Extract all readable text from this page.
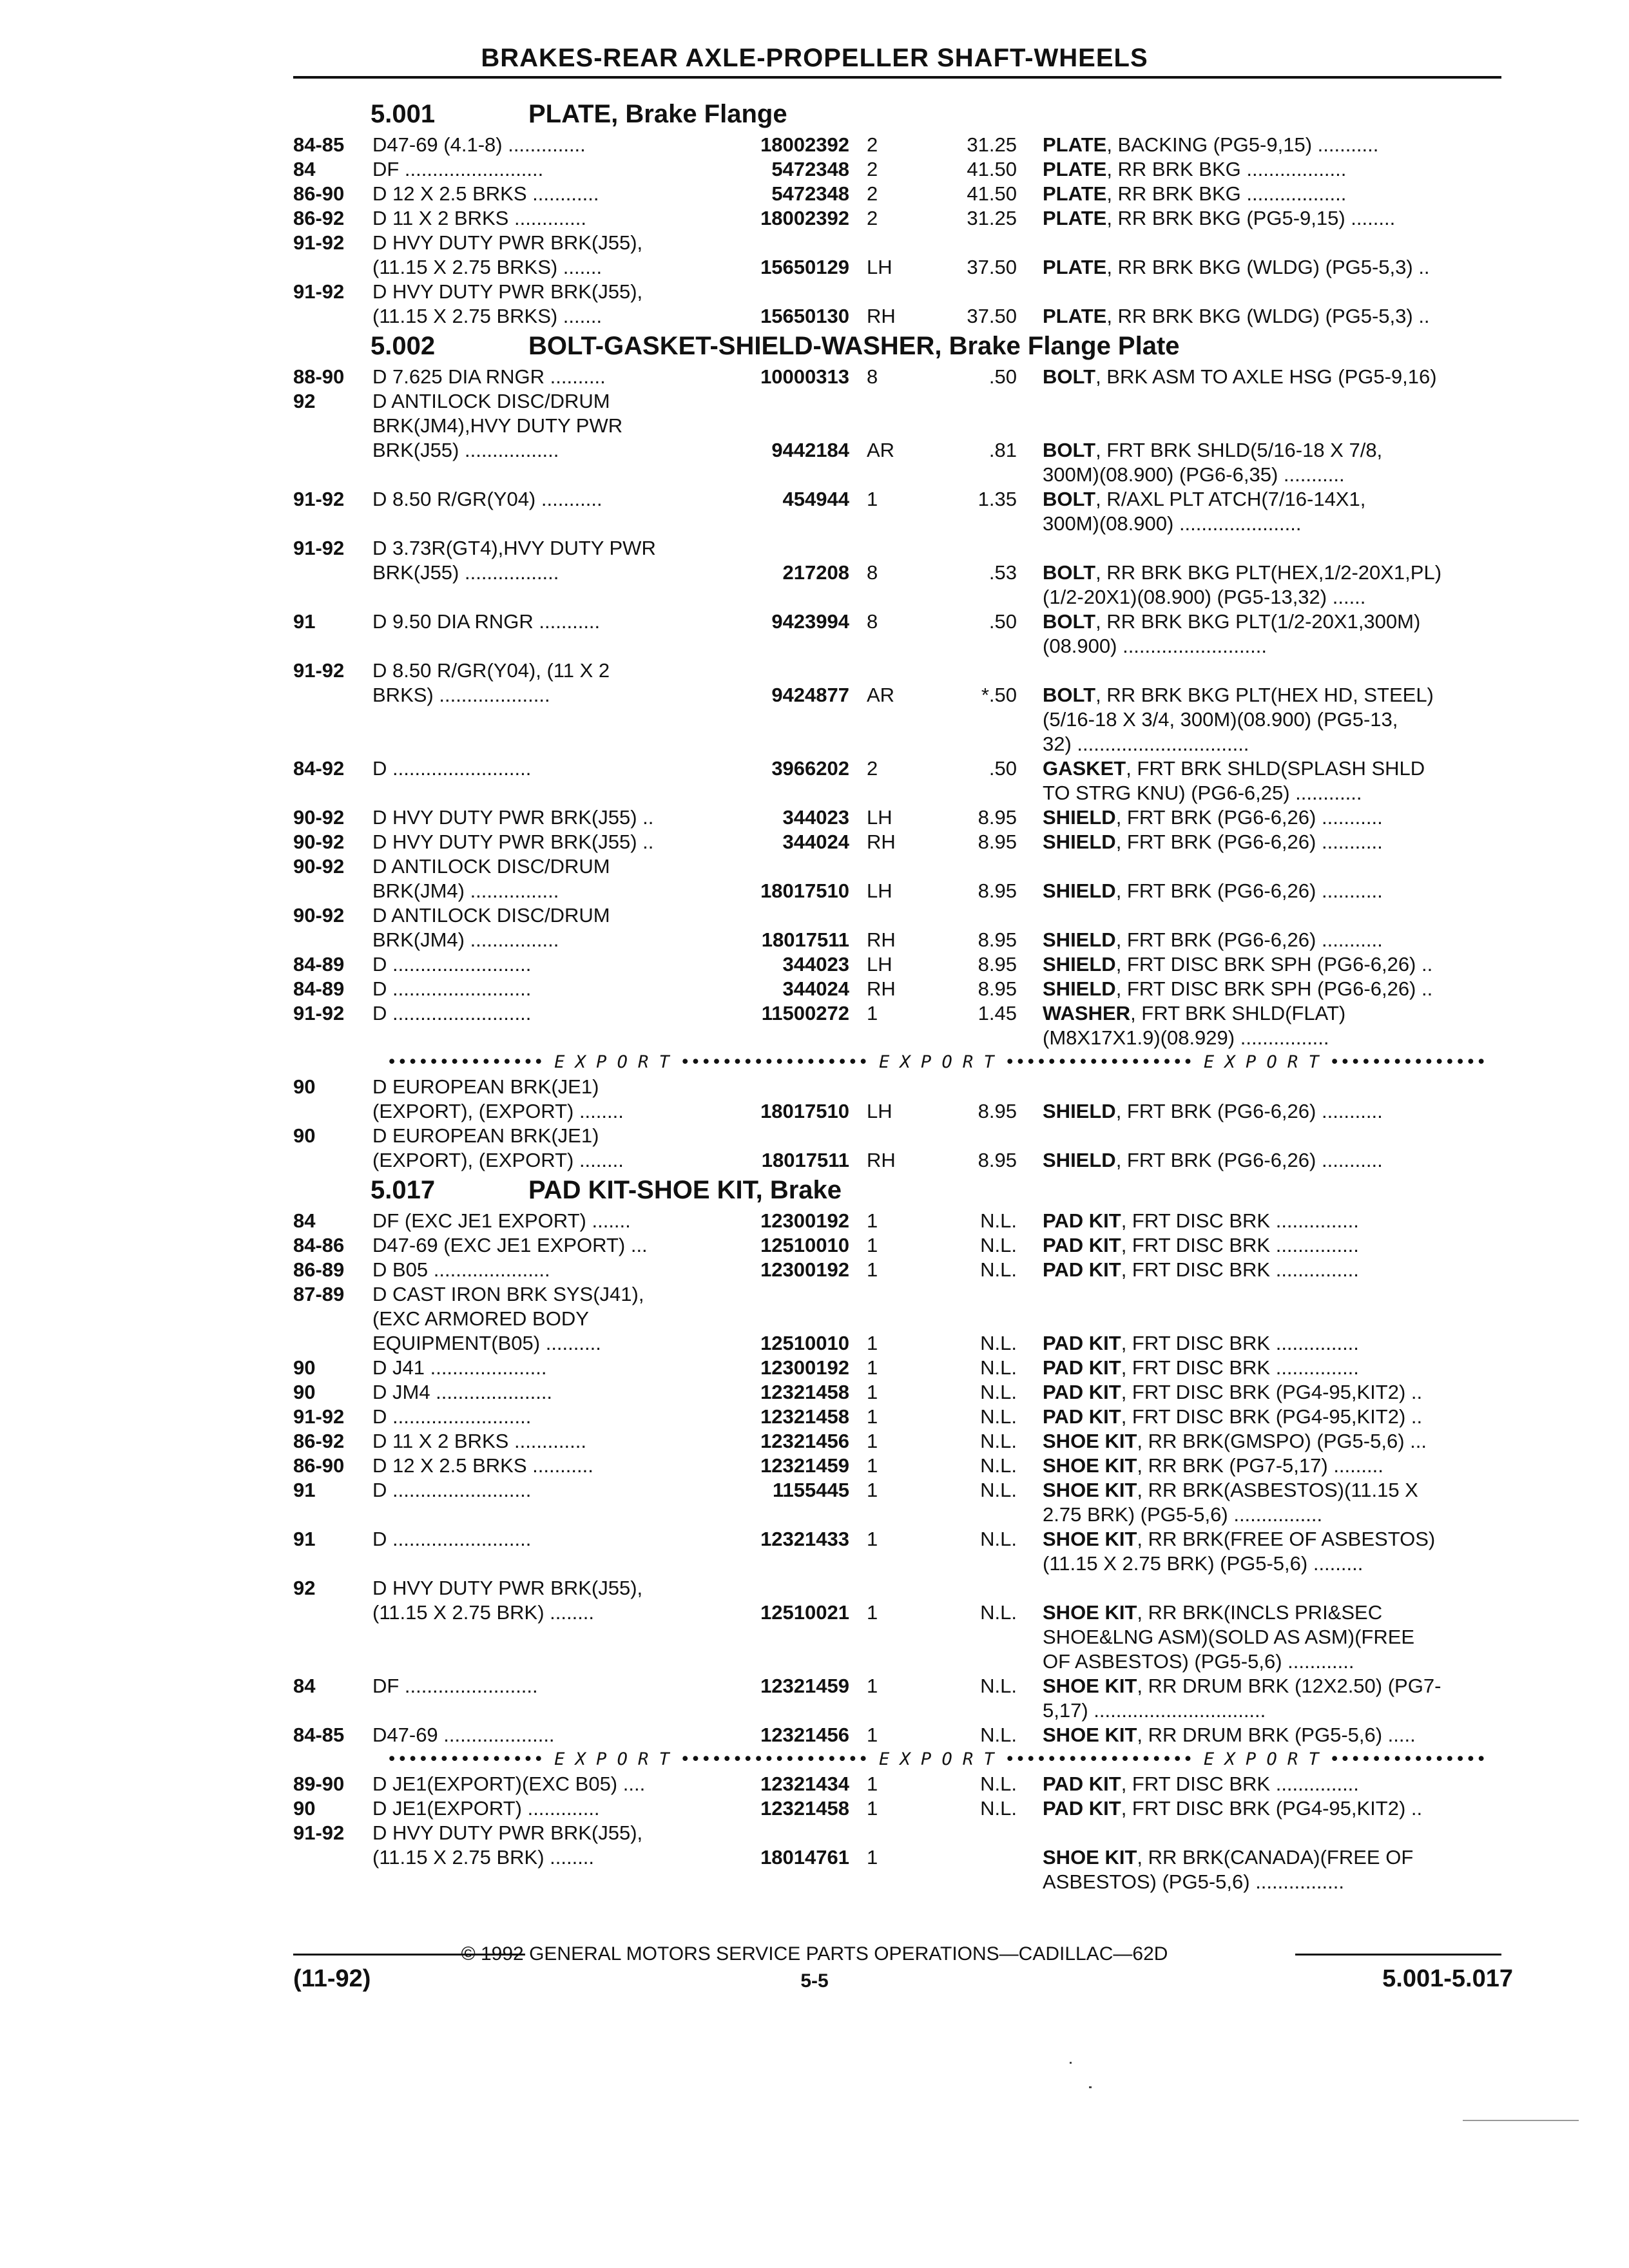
BRAKES-REAR AXLE-PROPELLER SHAFT-WHEELS
5.001	PLATE, Brake Flange
84-85 D47-69 (4.1-8) ..............	18002392 2	31.25 PLATE, BACKING (PG5-9,15) ...........
84	DF .........................	5472348 2	41.50 PLATE, RR BRK BKG ..................
86-90 D 12 X 2.5 BRKS ............	5472348 2	41.50 PLATE, RR BRK BKG ..................
86-92 D 11 X 2 BRKS .............	18002392 2	31.25 PLATE, RR BRK BKG (PG5-9,15) ........
91-92 D HVY DUTY PWR BRK(J55),
(11.15 X 2.75 BRKS) .......	15650129 LH	37.50 PLATE, RR BRK BKG (WLDG) (PG5-5,3) ..
91-92 D HVY DUTY PWR BRK(J55),
(11.15 X 2.75 BRKS) .......	15650130 RH	37.50 PLATE, RR BRK BKG (WLDG) (PG5-5,3) ..
5.002	BOLT-GASKET-SHIELD-WASHER, Brake Flange Plate
88-90 D 7.625 DIA RNGR ..........	10000313 8	.50 BOLT, BRK ASM TO AXLE HSG (PG5-9,16)
92	D ANTILOCK DISC/DRUM
BRK(JM4),HVY DUTY PWR
BRK(J55) .................	9442184 AR	.81 BOLT, FRT BRK SHLD(5/16-18 X 7/8,
300M)(08.900) (PG6-6,35) ...........
91-92 D 8.50 R/GR(Y04) ...........	454944 1	1.35 BOLT, R/AXL PLT ATCH(7/16-14X1,
300M)(08.900) ......................
91-92 D 3.73R(GT4),HVY DUTY PWR
BRK(J55) .................	217208 8	.53 BOLT, RR BRK BKG PLT(HEX,1/2-20X1,PL)
(1/2-20X1)(08.900) (PG5-13,32) ......
91	D 9.50 DIA RNGR ...........	9423994 8	.50 BOLT, RR BRK BKG PLT(1/2-20X1,300M)
(08.900) ..........................
91-92 D 8.50 R/GR(Y04), (11 X 2
BRKS) ....................	9424877 AR	*.50 BOLT, RR BRK BKG PLT(HEX HD, STEEL)
(5/16-18 X 3/4, 300M)(08.900) (PG5-13,
32) ...............................
84-92 D .........................	3966202 2	.50 GASKET, FRT BRK SHLD(SPLASH SHLD
TO STRG KNU) (PG6-6,25) ............
90-92 D HVY DUTY PWR BRK(J55) ..	344023 LH	8.95 SHIELD, FRT BRK (PG6-6,26) ...........
90-92 D HVY DUTY PWR BRK(J55) ..	344024 RH	8.95 SHIELD, FRT BRK (PG6-6,26) ...........
90-92 D ANTILOCK DISC/DRUM
BRK(JM4) ................	18017510 LH	8.95 SHIELD, FRT BRK (PG6-6,26) ...........
90-92 D ANTILOCK DISC/DRUM
BRK(JM4) ................	18017511 RH	8.95 SHIELD, FRT BRK (PG6-6,26) ...........
84-89 D .........................	344023 LH	8.95 SHIELD, FRT DISC BRK SPH (PG6-6,26) ..
84-89 D .........................	344024 RH	8.95 SHIELD, FRT DISC BRK SPH (PG6-6,26) ..
91-92 D .........................	11500272 1	1.45 WASHER, FRT BRK SHLD(FLAT)
(M8X17X1.9)(08.929) ................
••••••••••••••• E X P O R T •••••••••••••••••• E X P O R T •••••••••••••••••• E X P O R T •••••••••••••••
90	D EUROPEAN BRK(JE1)
(EXPORT), (EXPORT) ........	18017510 LH	8.95 SHIELD, FRT BRK (PG6-6,26) ...........
90	D EUROPEAN BRK(JE1)
(EXPORT), (EXPORT) ........	18017511 RH	8.95 SHIELD, FRT BRK (PG6-6,26) ...........
5.017	PAD KIT-SHOE KIT, Brake
84	DF (EXC JE1 EXPORT) .......	12300192 1	N.L. PAD KIT, FRT DISC BRK ...............
84-86 D47-69 (EXC JE1 EXPORT) ...	12510010 1	N.L. PAD KIT, FRT DISC BRK ...............
86-89 D B05 .....................	12300192 1	N.L. PAD KIT, FRT DISC BRK ...............
87-89 D CAST IRON BRK SYS(J41),
(EXC ARMORED BODY
EQUIPMENT(B05) ..........	12510010 1	N.L. PAD KIT, FRT DISC BRK ...............
90	D J41 .....................	12300192 1	N.L. PAD KIT, FRT DISC BRK ...............
90	D JM4 .....................	12321458 1	N.L. PAD KIT, FRT DISC BRK (PG4-95,KIT2) ..
91-92 D .........................	12321458 1	N.L. PAD KIT, FRT DISC BRK (PG4-95,KIT2) ..
86-92 D 11 X 2 BRKS .............	12321456 1	N.L. SHOE KIT, RR BRK(GMSPO) (PG5-5,6) ...
86-90 D 12 X 2.5 BRKS ...........	12321459 1	N.L. SHOE KIT, RR BRK (PG7-5,17) .........
91	D .........................	1155445 1	N.L. SHOE KIT, RR BRK(ASBESTOS)(11.15 X
2.75 BRK) (PG5-5,6) ................
91	D .........................	12321433 1	N.L. SHOE KIT, RR BRK(FREE OF ASBESTOS)
(11.15 X 2.75 BRK) (PG5-5,6) .........
92	D HVY DUTY PWR BRK(J55),
(11.15 X 2.75 BRK) ........	12510021 1	N.L. SHOE KIT, RR BRK(INCLS PRI&SEC
SHOE&LNG ASM)(SOLD AS ASM)(FREE
OF ASBESTOS) (PG5-5,6) ............
84	DF ........................	12321459 1	N.L. SHOE KIT, RR DRUM BRK (12X2.50) (PG7-
5,17) ...............................
84-85 D47-69 ....................	12321456 1	N.L. SHOE KIT, RR DRUM BRK (PG5-5,6) .....
••••••••••••••• E X P O R T •••••••••••••••••• E X P O R T •••••••••••••••••• E X P O R T •••••••••••••••
89-90 D JE1(EXPORT)(EXC B05) ....	12321434 1	N.L. PAD KIT, FRT DISC BRK ...............
90	D JE1(EXPORT) .............	12321458 1	N.L. PAD KIT, FRT DISC BRK (PG4-95,KIT2) ..
91-92 D HVY DUTY PWR BRK(J55),
(11.15 X 2.75 BRK) ........	18014761 1	SHOE KIT, RR BRK(CANADA)(FREE OF
ASBESTOS) (PG5-5,6) ................
© 1992 GENERAL MOTORS SERVICE PARTS OPERATIONS—CADILLAC—62D
(11-92)	5-5	5.001-5.017
